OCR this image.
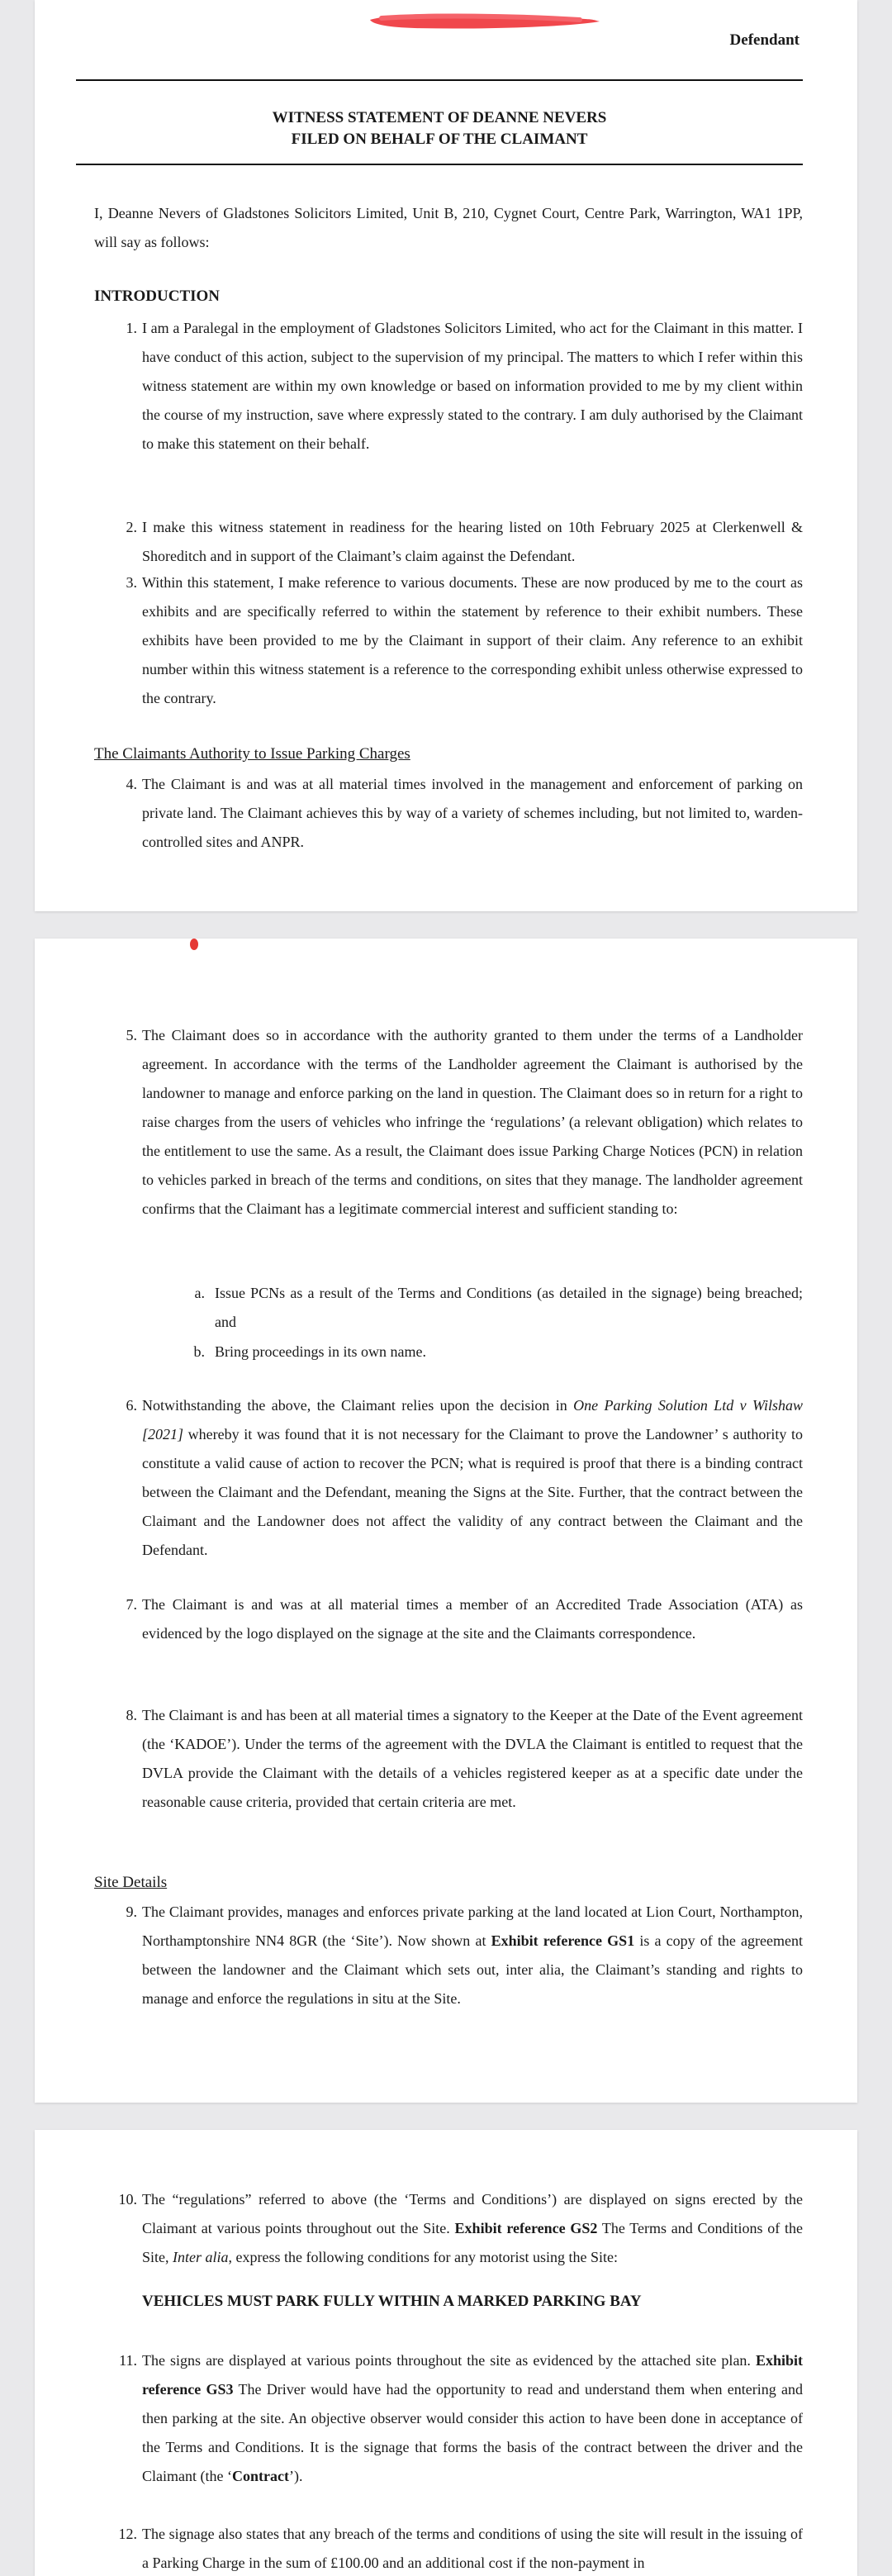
Defendant
WITNESS STATEMENT OF DEANNE NEVERS
FILED ON BEHALF OF THE CLAIMANT
I, Deanne Nevers of Gladstones Solicitors Limited, Unit B, 210, Cygnet Court, Centre Park, Warrington, WA1 1PP, will say as follows:
INTRODUCTION
1. I am a Paralegal in the employment of Gladstones Solicitors Limited, who act for the Claimant in this matter. I have conduct of this action, subject to the supervision of my principal. The matters to which I refer within this witness statement are within my own knowledge or based on information provided to me by my client within the course of my instruction, save where expressly stated to the contrary. I am duly authorised by the Claimant to make this statement on their behalf.
2. I make this witness statement in readiness for the hearing listed on 10th February 2025 at Clerkenwell & Shoreditch and in support of the Claimant’s claim against the Defendant.
3. Within this statement, I make reference to various documents. These are now produced by me to the court as exhibits and are specifically referred to within the statement by reference to their exhibit numbers. These exhibits have been provided to me by the Claimant in support of their claim. Any reference to an exhibit number within this witness statement is a reference to the corresponding exhibit unless otherwise expressed to the contrary.
The Claimants Authority to Issue Parking Charges
4. The Claimant is and was at all material times involved in the management and enforcement of parking on private land. The Claimant achieves this by way of a variety of schemes including, but not limited to, warden-controlled sites and ANPR.
5. The Claimant does so in accordance with the authority granted to them under the terms of a Landholder agreement. In accordance with the terms of the Landholder agreement the Claimant is authorised by the landowner to manage and enforce parking on the land in question. The Claimant does so in return for a right to raise charges from the users of vehicles who infringe the ‘regulations’ (a relevant obligation) which relates to the entitlement to use the same. As a result, the Claimant does issue Parking Charge Notices (PCN) in relation to vehicles parked in breach of the terms and conditions, on sites that they manage. The landholder agreement confirms that the Claimant has a legitimate commercial interest and sufficient standing to:
a. Issue PCNs as a result of the Terms and Conditions (as detailed in the signage) being breached; and
b. Bring proceedings in its own name.
6. Notwithstanding the above, the Claimant relies upon the decision in One Parking Solution Ltd v Wilshaw [2021] whereby it was found that it is not necessary for the Claimant to prove the Landowner’ s authority to constitute a valid cause of action to recover the PCN; what is required is proof that there is a binding contract between the Claimant and the Defendant, meaning the Signs at the Site. Further, that the contract between the Claimant and the Landowner does not affect the validity of any contract between the Claimant and the Defendant.
7. The Claimant is and was at all material times a member of an Accredited Trade Association (ATA) as evidenced by the logo displayed on the signage at the site and the Claimants correspondence.
8. The Claimant is and has been at all material times a signatory to the Keeper at the Date of the Event agreement (the ‘KADOE’). Under the terms of the agreement with the DVLA the Claimant is entitled to request that the DVLA provide the Claimant with the details of a vehicles registered keeper as at a specific date under the reasonable cause criteria, provided that certain criteria are met.
Site Details
9. The Claimant provides, manages and enforces private parking at the land located at Lion Court, Northampton, Northamptonshire NN4 8GR (the ‘Site’). Now shown at Exhibit reference GS1 is a copy of the agreement between the landowner and the Claimant which sets out, inter alia, the Claimant’s standing and rights to manage and enforce the regulations in situ at the Site.
10. The “regulations” referred to above (the ‘Terms and Conditions’) are displayed on signs erected by the Claimant at various points throughout out the Site. Exhibit reference GS2 The Terms and Conditions of the Site, Inter alia, express the following conditions for any motorist using the Site:
VEHICLES MUST PARK FULLY WITHIN A MARKED PARKING BAY
11. The signs are displayed at various points throughout the site as evidenced by the attached site plan. Exhibit reference GS3 The Driver would have had the opportunity to read and understand them when entering and then parking at the site. An objective observer would consider this action to have been done in acceptance of the Terms and Conditions. It is the signage that forms the basis of the contract between the driver and the Claimant (the ‘Contract’).
12. The signage also states that any breach of the terms and conditions of using the site will result in the issuing of a Parking Charge in the sum of £100.00 and an additional cost if the non-payment in
